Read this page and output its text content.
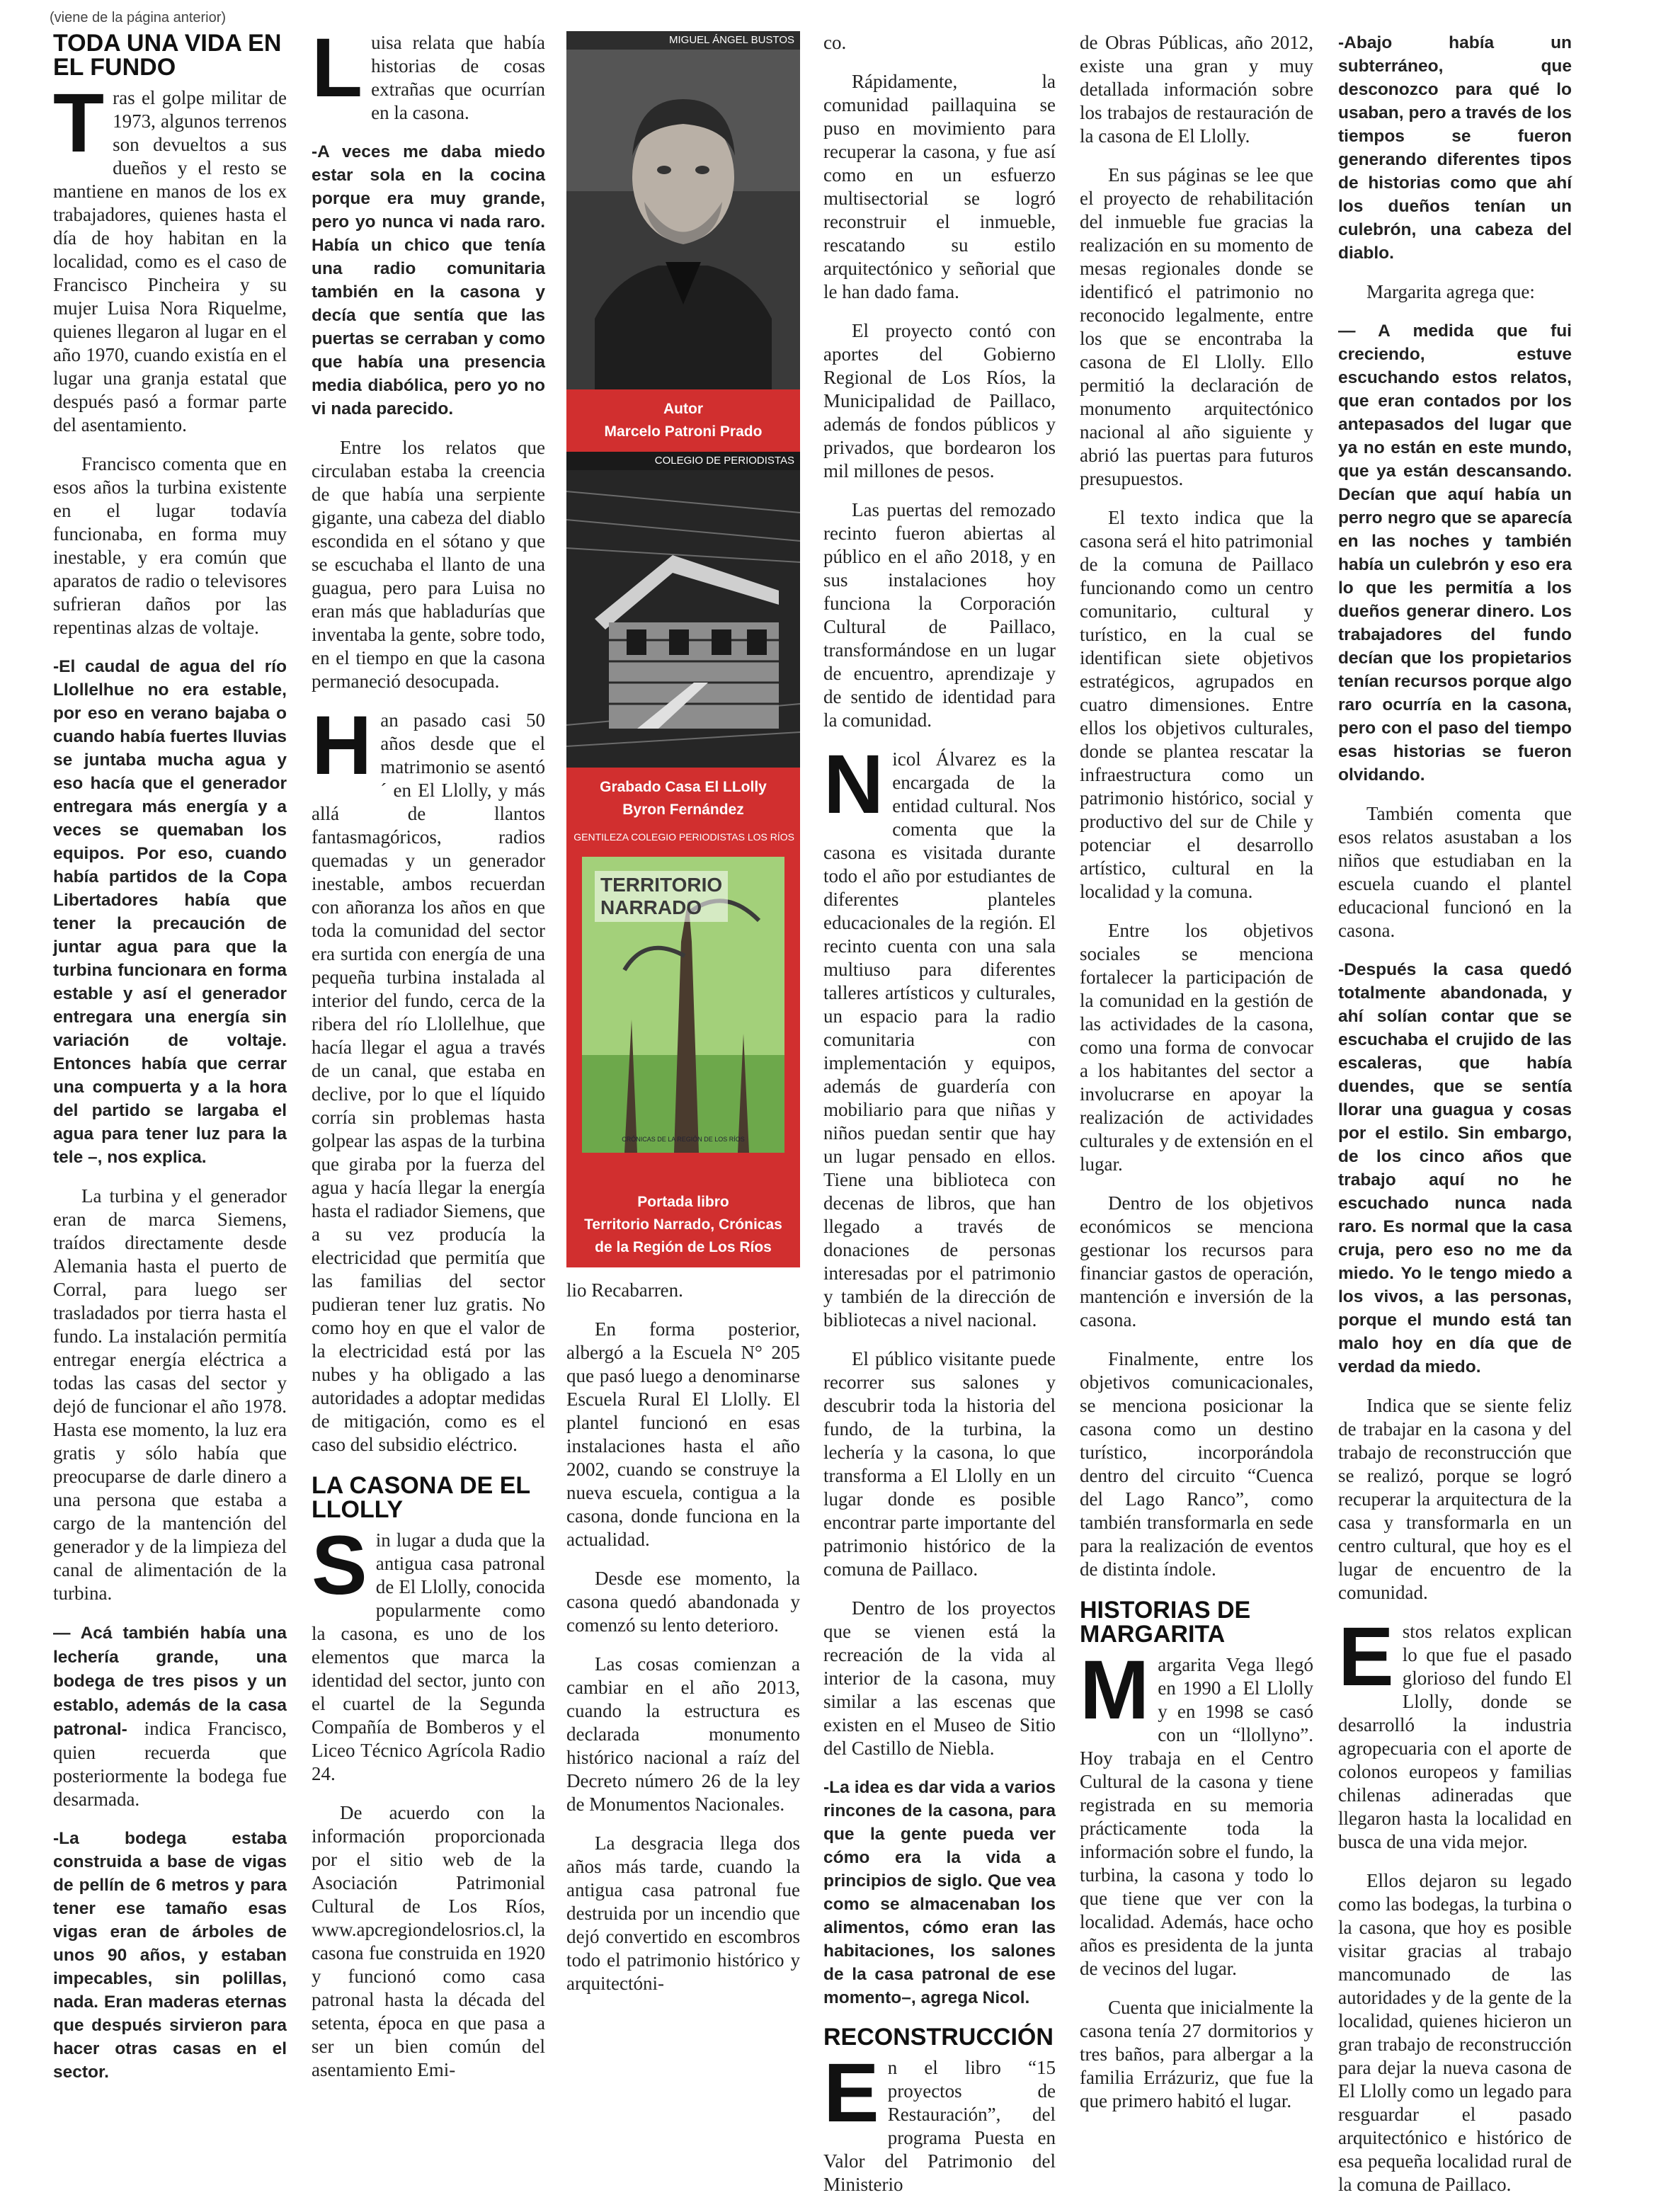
(viene de la página anterior)
TODA UNA VIDA EN EL FUNDO

Tras el golpe militar de 1973, algunos terrenos son devueltos a sus dueños y el resto se mantiene en manos de los ex trabajadores, quienes hasta el día de hoy habitan en la localidad, como es el caso de Francisco Pincheira y su mujer Luisa Nora Riquelme, quienes llegaron al lugar en el año 1970, cuando existía en el lugar una granja estatal que después pasó a formar parte del asentamiento.

Francisco comenta que en esos años la turbina existente en el lugar todavía funcionaba, en forma muy inestable, y era común que aparatos de radio o televisores sufrieran daños por las repentinas alzas de voltaje.

-El caudal de agua del río Llollelhue no era estable, por eso en verano bajaba o cuando había fuertes lluvias se juntaba mucha agua y eso hacía que el generador entregara más energía y a veces se quemaban los equipos. Por eso, cuando había partidos de la Copa Libertadores había que tener la precaución de juntar agua para que la turbina funcionara en forma estable y así el generador entregara una energía sin variación de voltaje. Entonces había que cerrar una compuerta y a la hora del partido se largaba el agua para tener luz para la tele –, nos explica.

La turbina y el generador eran de marca Siemens, traídos directamente desde Alemania hasta el puerto de Corral, para luego ser trasladados por tierra hasta el fundo. La instalación permitía entregar energía eléctrica a todas las casas del sector y dejó de funcionar el año 1978. Hasta ese momento, la luz era gratis y sólo había que preocuparse de darle dinero a una persona que estaba a cargo de la mantención del generador y de la limpieza del canal de alimentación de la turbina.

— Acá también había una lechería grande, una bodega de tres pisos y un establo, además de la casa patronal- indica Francisco, quien recuerda que posteriormente la bodega fue desarmada.

-La bodega estaba construida a base de vigas de pellín de 6 metros y para tener ese tamaño esas vigas eran de árboles de unos 90 años, y estaban impecables, sin polillas, nada. Eran maderas eternas que después sirvieron para hacer otras casas en el sector.

Luisa relata que había historias de cosas extrañas que ocurrían en la casona.

-A veces me daba miedo estar sola en la cocina porque era muy grande, pero yo nunca vi nada raro. Había un chico que tenía una radio comunitaria también en la casona y decía que sentía que las puertas se cerraban y como que había una presencia media diabólica, pero yo no vi nada parecido.

Entre los relatos que circulaban estaba la creencia de que había una serpiente gigante, una cabeza del diablo escondida en el sótano y que se escuchaba el llanto de una guagua, pero para Luisa no eran más que habladurías que inventaba la gente, sobre todo, en el tiempo en que la casona permaneció desocupada.

Han pasado casi 50 años desde que el matrimonio se asentó´ en El Llolly, y más allá de llantos fantasmagóricos, radios quemadas y un generador inestable, ambos recuerdan con añoranza los años en que toda la comunidad del sector era surtida con energía de una pequeña turbina instalada al interior del fundo, cerca de la ribera del río Llollelhue, que hacía llegar el agua a través de un canal, que estaba en declive, por lo que el líquido corría sin problemas hasta golpear las aspas de la turbina que giraba por la fuerza del agua y hacía llegar la energía hasta el radiador Siemens, que a su vez producía la electricidad que permitía que las familias del sector pudieran tener luz gratis. No como hoy en que el valor de la electricidad está por las nubes y ha obligado a las autoridades a adoptar medidas de mitigación, como es el caso del subsidio eléctrico.

LA CASONA DE EL LLOLLY

Sin lugar a duda que la antigua casa patronal de El Llolly, conocida popularmente como la casona, es uno de los elementos que marca la identidad del sector, junto con el cuartel de la Segunda Compañía de Bomberos y el Liceo Técnico Agrícola Radio 24.

De acuerdo con la información proporcionada por el sitio web de la Asociación Patrimonial Cultural de Los Ríos, www.apcregiondelosrios.cl, la casona fue construida en 1920 y funcionó como casa patronal hasta la década del setenta, época en que pasa a ser un bien común del asentamiento Emi-

MIGUEL ÁNGEL BUSTOS
Autor
Marcelo Patroni Prado
COLEGIO DE PERIODISTAS
Grabado Casa El LLolly
Byron Fernández
GENTILEZA COLEGIO PERIODISTAS LOS RÍOS
TERRITORIO
NARRADO
CRÓNICAS DE LA REGIÓN DE LOS RÍOS
Portada libro
Territorio Narrado, Crónicas de la Región de Los Ríos

lio Recabarren.

En forma posterior, albergó a la Escuela N° 205 que pasó luego a denominarse Escuela Rural El Llolly. El plantel funcionó en esas instalaciones hasta el año 2002, cuando se construye la nueva escuela, contigua a la casona, donde funciona en la actualidad.

Desde ese momento, la casona quedó abandonada y comenzó su lento deterioro.

Las cosas comienzan a cambiar en el año 2013, cuando la estructura es declarada monumento histórico nacional a raíz del Decreto número 26 de la ley de Monumentos Nacionales.

La desgracia llega dos años más tarde, cuando la antigua casa patronal fue destruida por un incendio que dejó convertido en escombros todo el patrimonio histórico y arquitectóni-

co.

Rápidamente, la comunidad paillaquina se puso en movimiento para recuperar la casona, y fue así como en un esfuerzo multisectorial se logró reconstruir el inmueble, rescatando su estilo arquitectónico y señorial que le han dado fama.

El proyecto contó con aportes del Gobierno Regional de Los Ríos, la Municipalidad de Paillaco, además de fondos públicos y privados, que bordearon los mil millones de pesos.

Las puertas del remozado recinto fueron abiertas al público en el año 2018, y en sus instalaciones hoy funciona la Corporación Cultural de Paillaco, transformándose en un lugar de encuentro, aprendizaje y de sentido de identidad para la comunidad.

Nicol Álvarez es la encargada de la entidad cultural. Nos comenta que la casona es visitada durante todo el año por estudiantes de diferentes planteles educacionales de la región. El recinto cuenta con una sala multiuso para diferentes talleres artísticos y culturales, un espacio para la radio comunitaria con implementación y equipos, además de guardería con mobiliario para que niñas y niños puedan sentir que hay un lugar pensado en ellos. Tiene una biblioteca con decenas de libros, que han llegado a través de donaciones de personas interesadas por el patrimonio y también de la dirección de bibliotecas a nivel nacional.

El público visitante puede recorrer sus salones y descubrir toda la historia del fundo, de la turbina, la lechería y la casona, lo que transforma a El Llolly en un lugar donde es posible encontrar parte importante del patrimonio histórico de la comuna de Paillaco.

Dentro de los proyectos que se vienen está la recreación de la vida al interior de la casona, muy similar a las escenas que existen en el Museo de Sitio del Castillo de Niebla.

-La idea es dar vida a varios rincones de la casona, para que la gente pueda ver cómo era la vida a principios de siglo. Que vea como se almacenaban los alimentos, cómo eran las habitaciones, los salones de la casa patronal de ese momento–, agrega Nicol.

RECONSTRUCCIÓN

En el libro “15 proyectos de Restauración”, del programa Puesta en Valor del Patrimonio del Ministerio

de Obras Públicas, año 2012, existe una gran y muy detallada información sobre los trabajos de restauración de la casona de El Llolly.

En sus páginas se lee que el proyecto de rehabilitación del inmueble fue gracias la realización en su momento de mesas regionales donde se identificó el patrimonio no reconocido legalmente, entre los que se encontraba la casona de El Llolly. Ello permitió la declaración de monumento arquitectónico nacional al año siguiente y abrió las puertas para futuros presupuestos.

El texto indica que la casona será el hito patrimonial de la comuna de Paillaco funcionando como un centro comunitario, cultural y turístico, en la cual se identifican siete objetivos estratégicos, agrupados en cuatro dimensiones. Entre ellos los objetivos culturales, donde se plantea rescatar la infraestructura como un patrimonio histórico, social y productivo del sur de Chile y potenciar el desarrollo artístico, cultural en la localidad y la comuna.

Entre los objetivos sociales se menciona fortalecer la participación de la comunidad en la gestión de las actividades de la casona, como una forma de convocar a los habitantes del sector a involucrarse en apoyar la realización de actividades culturales y de extensión en el lugar.

Dentro de los objetivos económicos se menciona gestionar los recursos para financiar gastos de operación, mantención e inversión de la casona.

Finalmente, entre los objetivos comunicacionales, se menciona posicionar la casona como un destino turístico, incorporándola dentro del circuito “Cuenca del Lago Ranco”, como también transformarla en sede para la realización de eventos de distinta índole.

HISTORIAS DE MARGARITA

Margarita Vega llegó en 1990 a El Llolly y en 1998 se casó con un “llollyno”. Hoy trabaja en el Centro Cultural de la casona y tiene registrada en su memoria prácticamente toda la información sobre el fundo, la turbina, la casona y todo lo que tiene que ver con la localidad. Además, hace ocho años es presidenta de la junta de vecinos del lugar.

Cuenta que inicialmente la casona tenía 27 dormitorios y tres baños, para albergar a la familia Errázuriz, que fue la que primero habitó el lugar.

-Abajo había un subterráneo, que desconozco para qué lo usaban, pero a través de los tiempos se fueron generando diferentes tipos de historias como que ahí los dueños tenían un culebrón, una cabeza del diablo.

Margarita agrega que:

— A medida que fui creciendo, estuve escuchando estos relatos, que eran contados por los antepasados del lugar que ya no están en este mundo, que ya están descansando. Decían que aquí había un perro negro que se aparecía en las noches y también había un culebrón y eso era lo que les permitía a los dueños generar dinero. Los trabajadores del fundo decían que los propietarios tenían recursos porque algo raro ocurría en la casona, pero con el paso del tiempo esas historias se fueron olvidando.

También comenta que esos relatos asustaban a los niños que estudiaban en la escuela cuando el plantel educacional funcionó en la casona.

-Después la casa quedó totalmente abandonada, y ahí solían contar que se escuchaba el crujido de las escaleras, que había duendes, que se sentía llorar una guagua y cosas por el estilo. Sin embargo, de los cinco años que trabajo aquí no he escuchado nunca nada raro. Es normal que la casa cruja, pero eso no me da miedo. Yo le tengo miedo a los vivos, a las personas, porque el mundo está tan malo hoy en día que de verdad da miedo.

Indica que se siente feliz de trabajar en la casona y del trabajo de reconstrucción que se realizó, porque se logró recuperar la arquitectura de la casa y transformarla en un centro cultural, que hoy es el lugar de encuentro de la comunidad.

Estos relatos explican lo que fue el pasado glorioso del fundo El Llolly, donde se desarrolló la industria agropecuaria con el aporte de colonos europeos y familias chilenas adineradas que llegaron hasta la localidad en busca de una vida mejor.

Ellos dejaron su legado como las bodegas, la turbina o la casona, que hoy es posible visitar gracias al trabajo mancomunado de las autoridades y de la gente de la localidad, quienes hicieron un gran trabajo de reconstrucción para dejar la nueva casona de El Llolly como un legado para resguardar el pasado arquitectónico e histórico de esa pequeña localidad rural de la comuna de Paillaco.
